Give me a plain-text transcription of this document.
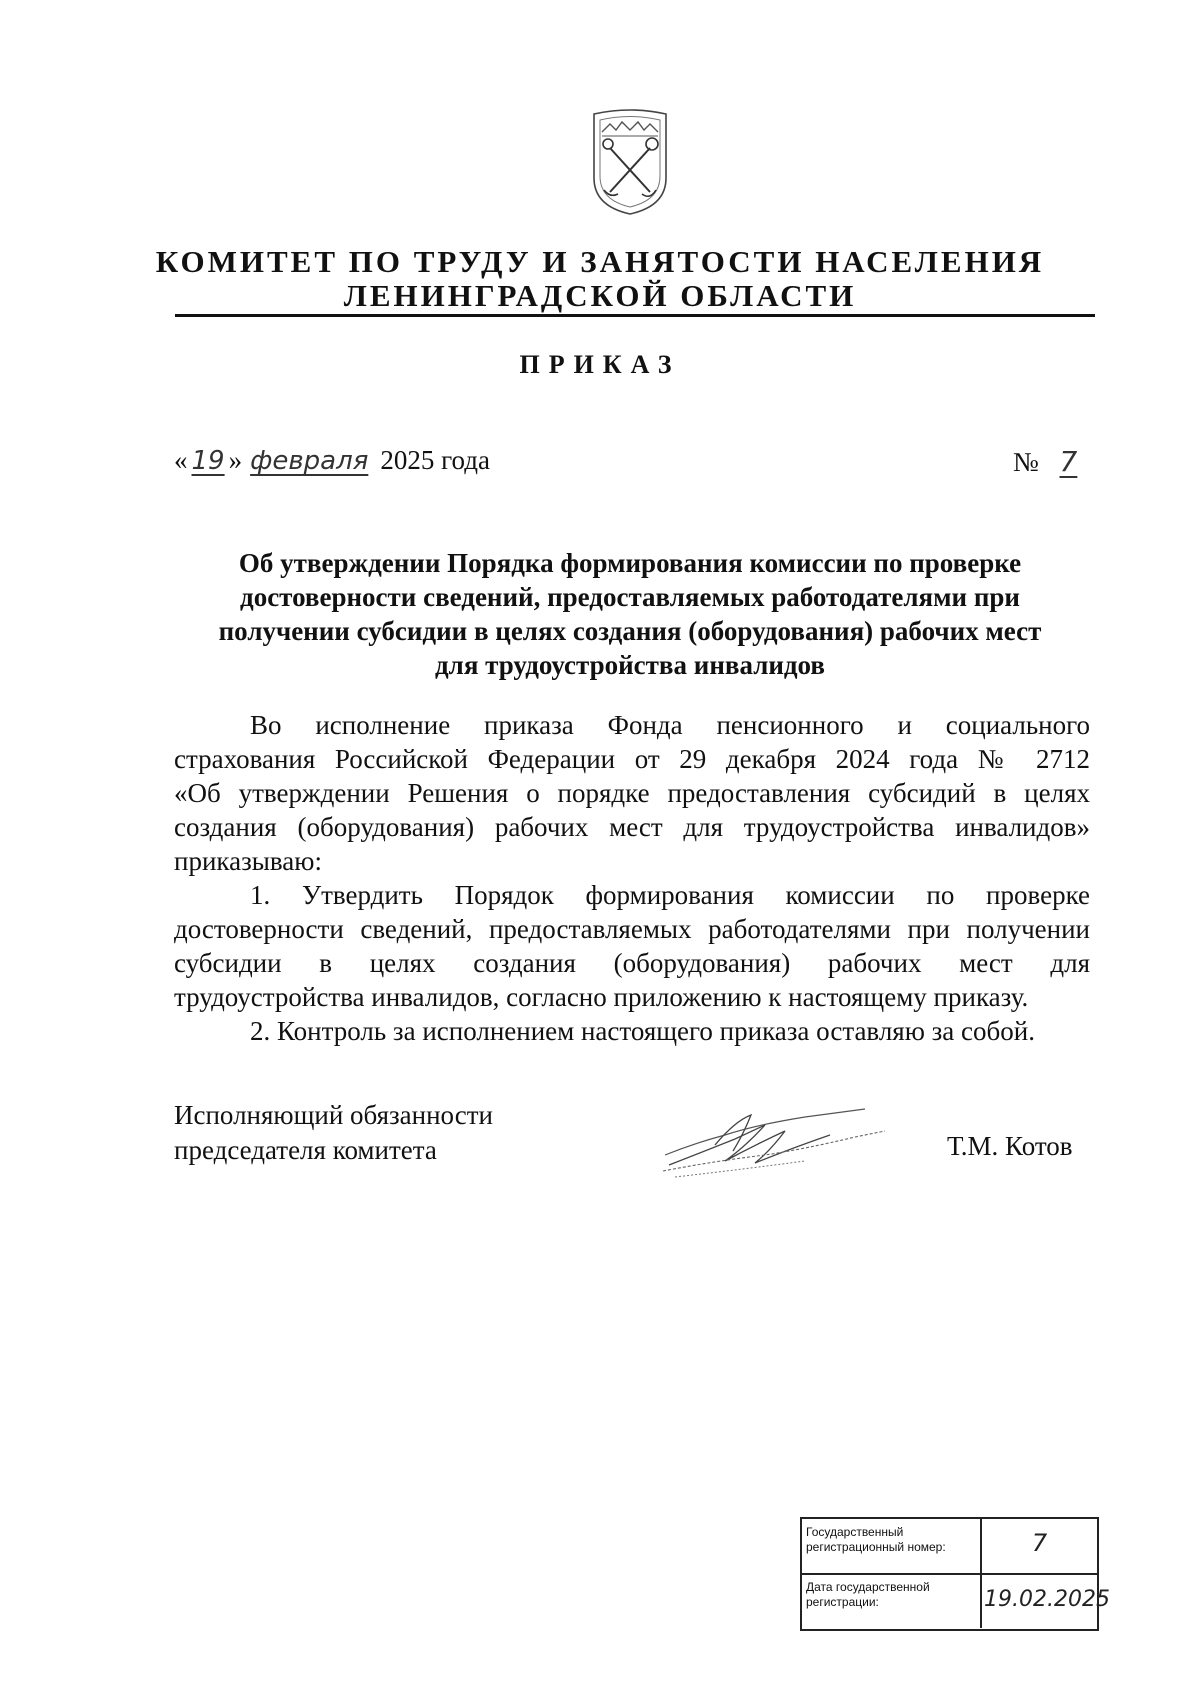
КОМИТЕТ ПО ТРУДУ И ЗАНЯТОСТИ НАСЕЛЕНИЯ
ЛЕНИНГРАДСКОЙ ОБЛАСТИ
ПРИКАЗ
« 19 » февраля 2025 года	№ 7
Об утверждении Порядка формирования комиссии по проверке
достоверности сведений, предоставляемых работодателями при
получении субсидии в целях создания (оборудования) рабочих мест
для трудоустройства инвалидов
Во исполнение приказа Фонда пенсионного и социального
страхования Российской Федерации от 29 декабря 2024 года № 2712
«Об утверждении Решения о порядке предоставления субсидий в целях
создания (оборудования) рабочих мест для трудоустройства инвалидов»
приказываю:
1. Утвердить Порядок формирования комиссии по проверке
достоверности сведений, предоставляемых работодателями при получении
субсидии в целях создания (оборудования) рабочих мест для
трудоустройства инвалидов, согласно приложению к настоящему приказу.
2. Контроль за исполнением настоящего приказа оставляю за собой.
Исполняющий обязанности
председателя комитета	Т.М. Котов
Государственный регистрационный номер:	7
Дата государственной регистрации:	19.02.2025
